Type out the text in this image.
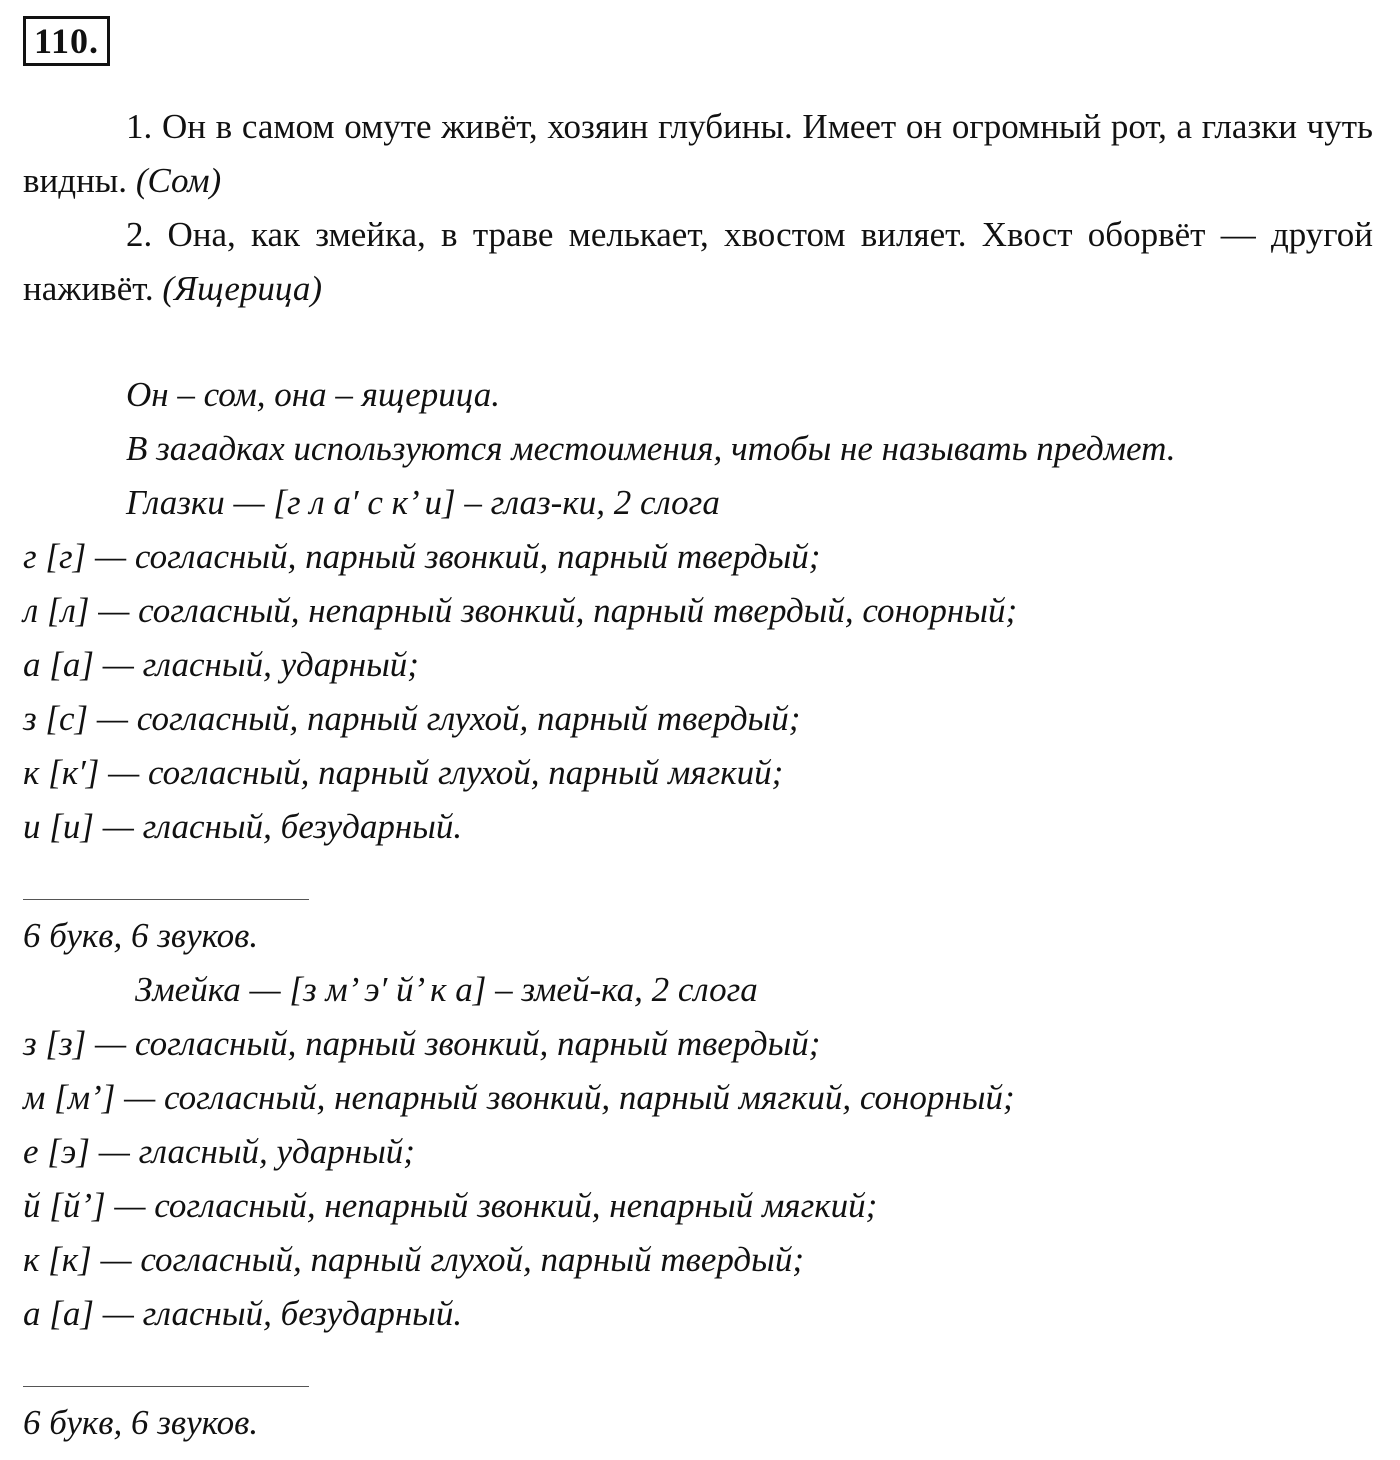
110.

1. Он в самом омуте живёт, хозяин глубины. Имеет он огромный рот, а глазки чуть видны. (Сом)

2. Она, как змейка, в траве мелькает, хвостом виляет. Хвост оборвёт — другой наживёт. (Ящерица)

Он – сом, она – ящерица.

В загадках используются местоимения, чтобы не называть предмет.

Глазки — [г л а′ с к’ и] – глаз-ки, 2 слога

г [г] — согласный, парный звонкий, парный твердый;

л [л] — согласный, непарный звонкий, парный твердый, сонорный;

а [а] — гласный, ударный;

з [с] — согласный, парный глухой, парный твердый;

к [к′] — согласный, парный глухой, парный мягкий;

и [и] — гласный, безударный.

6 букв, 6 звуков.

Змейка — [з м’ э′ й’ к а] – змей-ка, 2 слога

з [з] — согласный, парный звонкий, парный твердый;

м [м’] — согласный, непарный звонкий, парный мягкий, сонорный;

е [э] — гласный, ударный;

й [й’] — согласный, непарный звонкий, непарный мягкий;

к [к] — согласный, парный глухой, парный твердый;

а [а] — гласный, безударный.

6 букв, 6 звуков.
